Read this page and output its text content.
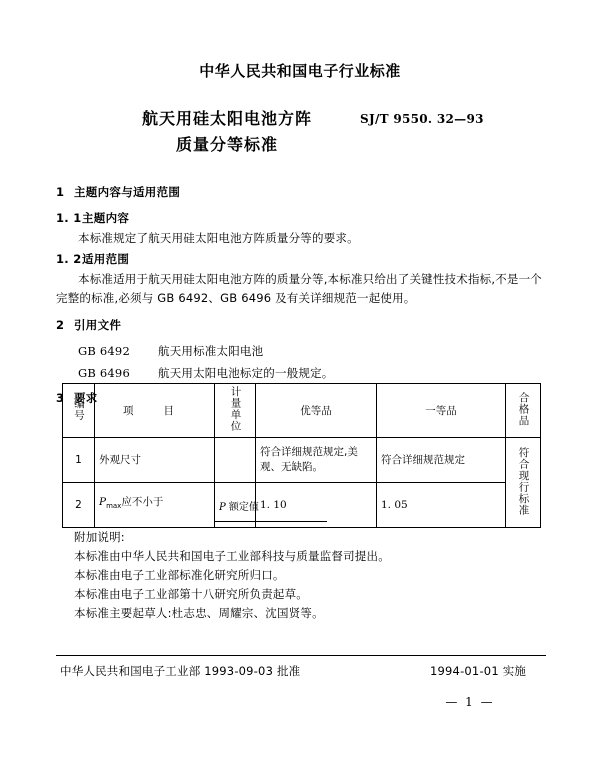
中华人民共和国电子行业标准
航天用硅太阳电池方阵
质量分等标准
SJ/T 9550. 32—93
1 主题内容与适用范围
1. 1主题内容
本标准规定了航天用硅太阳电池方阵质量分等的要求。
1. 2适用范围
本标准适用于航天用硅太阳电池方阵的质量分等,本标准只给出了关键性技术指标,不是一个完整的标准,必须与 GB 6492、GB 6496 及有关详细规范一起使用。
2 引用文件
GB 6492 航天用标准太阳电池
GB 6496 航天用太阳电池标定的一般规定。
3 要求
编号	项目	计量单位	优等品	一等品	合格品
1	外观尺寸		符合详细规范规定,美观、无缺陷。	符合详细规范规定	符合现行标准
2	$P_{max}$应不小于	P 额定值	1. 10	1. 05	
附加说明:
本标准由中华人民共和国电子工业部科技与质量监督司提出。
本标准由电子工业部标准化研究所归口。
本标准由电子工业部第十八研究所负责起草。
本标准主要起草人:杜志忠、周耀宗、沈国贤等。
中华人民共和国电子工业部 1993-09-03 批准	1994-01-01 实施
— 1 —
